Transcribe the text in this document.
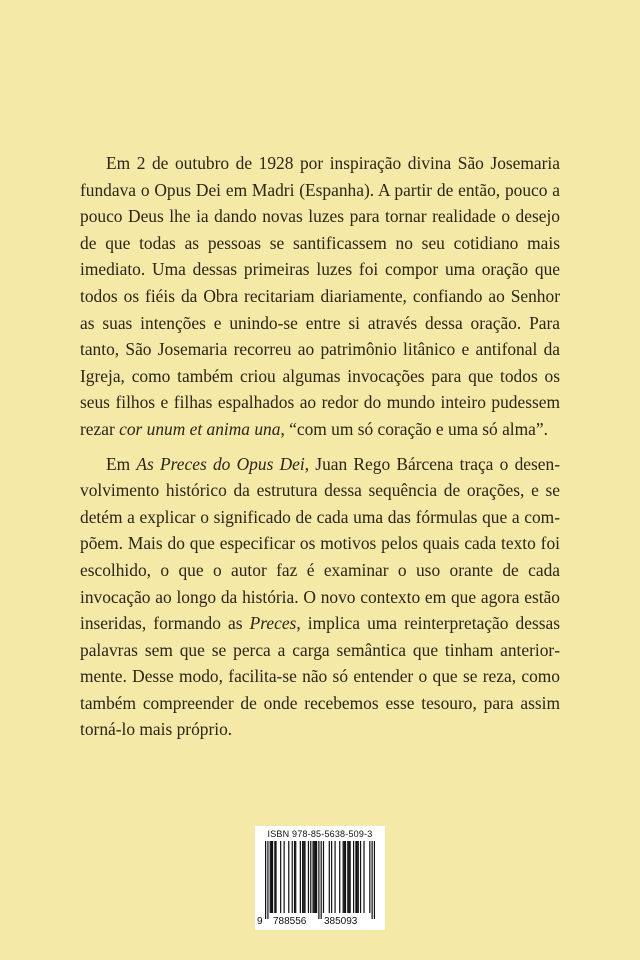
Em 2 de outubro de 1928 por inspiração divina São Josemaria fundava o Opus Dei em Madri (Espanha). A partir de então, pouco a pouco Deus lhe ia dando novas luzes para tornar realidade o desejo de que todas as pessoas se santificassem no seu cotidiano mais imediato. Uma dessas primeiras luzes foi compor uma oração que todos os fiéis da Obra recitariam diariamente, confiando ao Senhor as suas intenções e unindo-se entre si através dessa oração. Para tanto, São Josemaria recorreu ao patrimônio litânico e antifonal da Igreja, como também criou algumas invocações para que todos os seus filhos e filhas espalhados ao redor do mundo inteiro pudessem rezar cor unum et anima una, “com um só coração e uma só alma”.

Em As Preces do Opus Dei, Juan Rego Bárcena traça o desenvolvimento histórico da estrutura dessa sequência de orações, e se detém a explicar o significado de cada uma das fórmulas que a compõem. Mais do que especificar os motivos pelos quais cada texto foi escolhido, o que o autor faz é examinar o uso orante de cada invocação ao longo da história. O novo contexto em que agora estão inseridas, formando as Preces, implica uma reinterpretação dessas palavras sem que se perca a carga semântica que tinham anteriormente. Desse modo, facilita-se não só entender o que se reza, como também compreender de onde recebemos esse tesouro, para assim torná-lo mais próprio.

ISBN 978-85-5638-509-3
9 788556 385093
